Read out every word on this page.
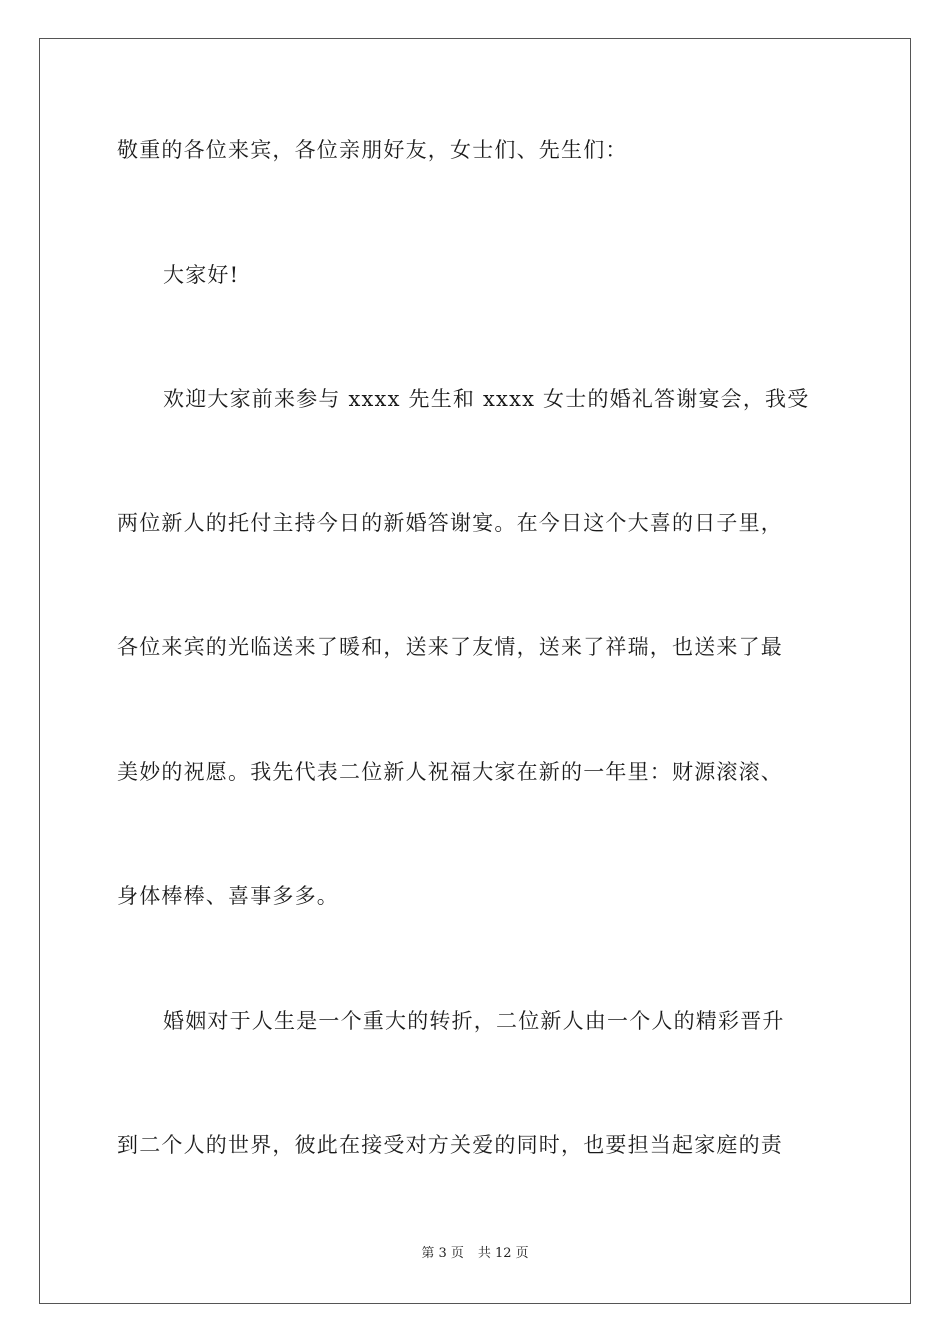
敬重的各位来宾，各位亲朋好友，女士们、先生们：
大家好!
欢迎大家前来参与 xxxx 先生和 xxxx 女士的婚礼答谢宴会，我受
两位新人的托付主持今日的新婚答谢宴。在今日这个大喜的日子里，
各位来宾的光临送来了暖和，送来了友情，送来了祥瑞，也送来了最
美妙的祝愿。我先代表二位新人祝福大家在新的一年里：财源滚滚、
身体棒棒、喜事多多。
婚姻对于人生是一个重大的转折，二位新人由一个人的精彩晋升
到二个人的世界，彼此在接受对方关爱的同时，也要担当起家庭的责
第 3 页 共 12 页
